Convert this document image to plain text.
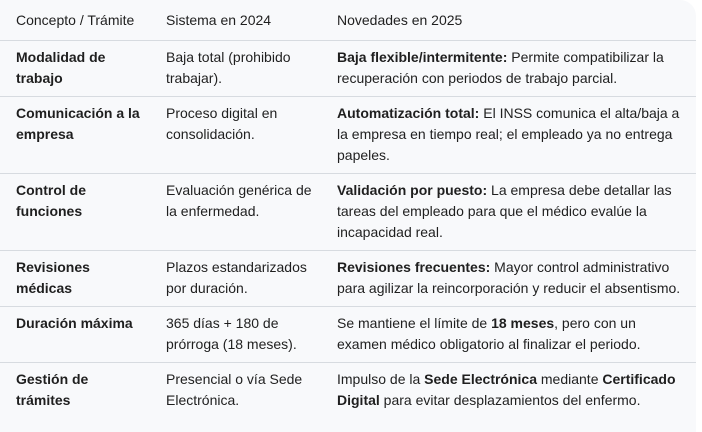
Concepto / Trámite	Sistema en 2024	Novedades en 2025
Modalidad de trabajo	Baja total (prohibido trabajar).	Baja flexible/intermitente: Permite compatibilizar la recuperación con periodos de trabajo parcial.
Comunicación a la empresa	Proceso digital en consolidación.	Automatización total: El INSS comunica el alta/baja a la empresa en tiempo real; el empleado ya no entrega papeles.
Control de funciones	Evaluación genérica de la enfermedad.	Validación por puesto: La empresa debe detallar las tareas del empleado para que el médico evalúe la incapacidad real.
Revisiones médicas	Plazos estandarizados por duración.	Revisiones frecuentes: Mayor control administrativo para agilizar la reincorporación y reducir el absentismo.
Duración máxima	365 días + 180 de prórroga (18 meses).	Se mantiene el límite de 18 meses, pero con un examen médico obligatorio al finalizar el periodo.
Gestión de trámites	Presencial o vía Sede Electrónica.	Impulso de la Sede Electrónica mediante Certificado Digital para evitar desplazamientos del enfermo.
